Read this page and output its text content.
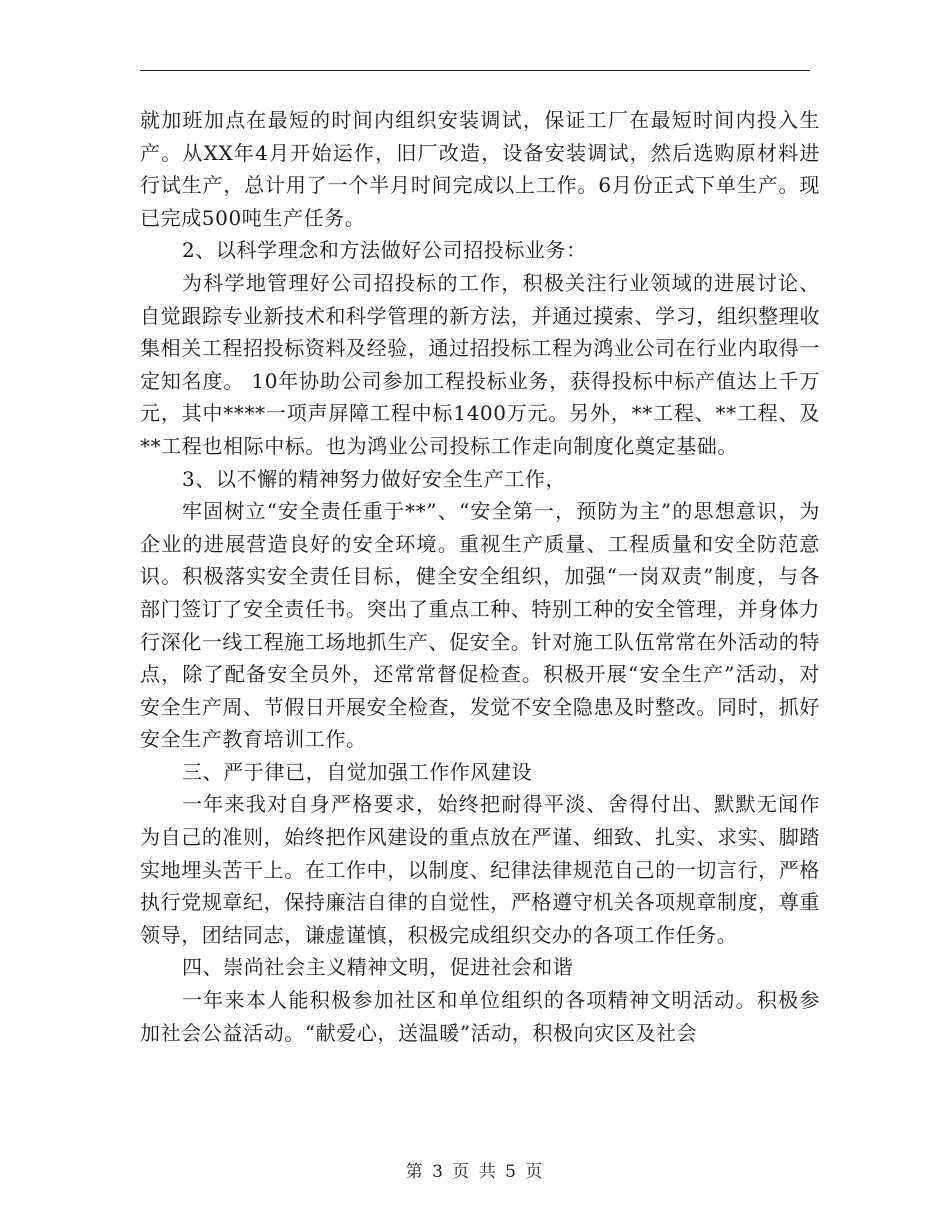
就加班加点在最短的时间内组织安装调试，保证工厂在最短时间内投入生产。从XX年4月开始运作，旧厂改造，设备安装调试，然后选购原材料进行试生产，总计用了一个半月时间完成以上工作。6月份正式下单生产。现已完成500吨生产任务。

2、以科学理念和方法做好公司招投标业务：

为科学地管理好公司招投标的工作，积极关注行业领域的进展讨论、自觉跟踪专业新技术和科学管理的新方法，并通过摸索、学习，组织整理收集相关工程招投标资料及经验，通过招投标工程为鸿业公司在行业内取得一定知名度。 10年协助公司参加工程投标业务，获得投标中标产值达上千万元，其中****一项声屏障工程中标1400万元。另外，**工程、**工程、及**工程也相际中标。也为鸿业公司投标工作走向制度化奠定基础。

3、以不懈的精神努力做好安全生产工作，

牢固树立“安全责任重于**”、“安全第一，预防为主”的思想意识，为企业的进展营造良好的安全环境。重视生产质量、工程质量和安全防范意识。积极落实安全责任目标，健全安全组织，加强“一岗双责”制度，与各部门签订了安全责任书。突出了重点工种、特别工种的安全管理，并身体力行深化一线工程施工场地抓生产、促安全。针对施工队伍常常在外活动的特点，除了配备安全员外，还常常督促检查。积极开展“安全生产”活动，对安全生产周、节假日开展安全检查，发觉不安全隐患及时整改。同时，抓好安全生产教育培训工作。

三、严于律已，自觉加强工作作风建设

一年来我对自身严格要求，始终把耐得平淡、舍得付出、默默无闻作为自己的准则，始终把作风建设的重点放在严谨、细致、扎实、求实、脚踏实地埋头苦干上。在工作中，以制度、纪律法律规范自己的一切言行，严格执行党规章纪，保持廉洁自律的自觉性，严格遵守机关各项规章制度，尊重领导，团结同志，谦虚谨慎，积极完成组织交办的各项工作任务。

四、崇尚社会主义精神文明，促进社会和谐

一年来本人能积极参加社区和单位组织的各项精神文明活动。积极参加社会公益活动。“献爱心，送温暖”活动，积极向灾区及社会

第 3 页 共 5 页
